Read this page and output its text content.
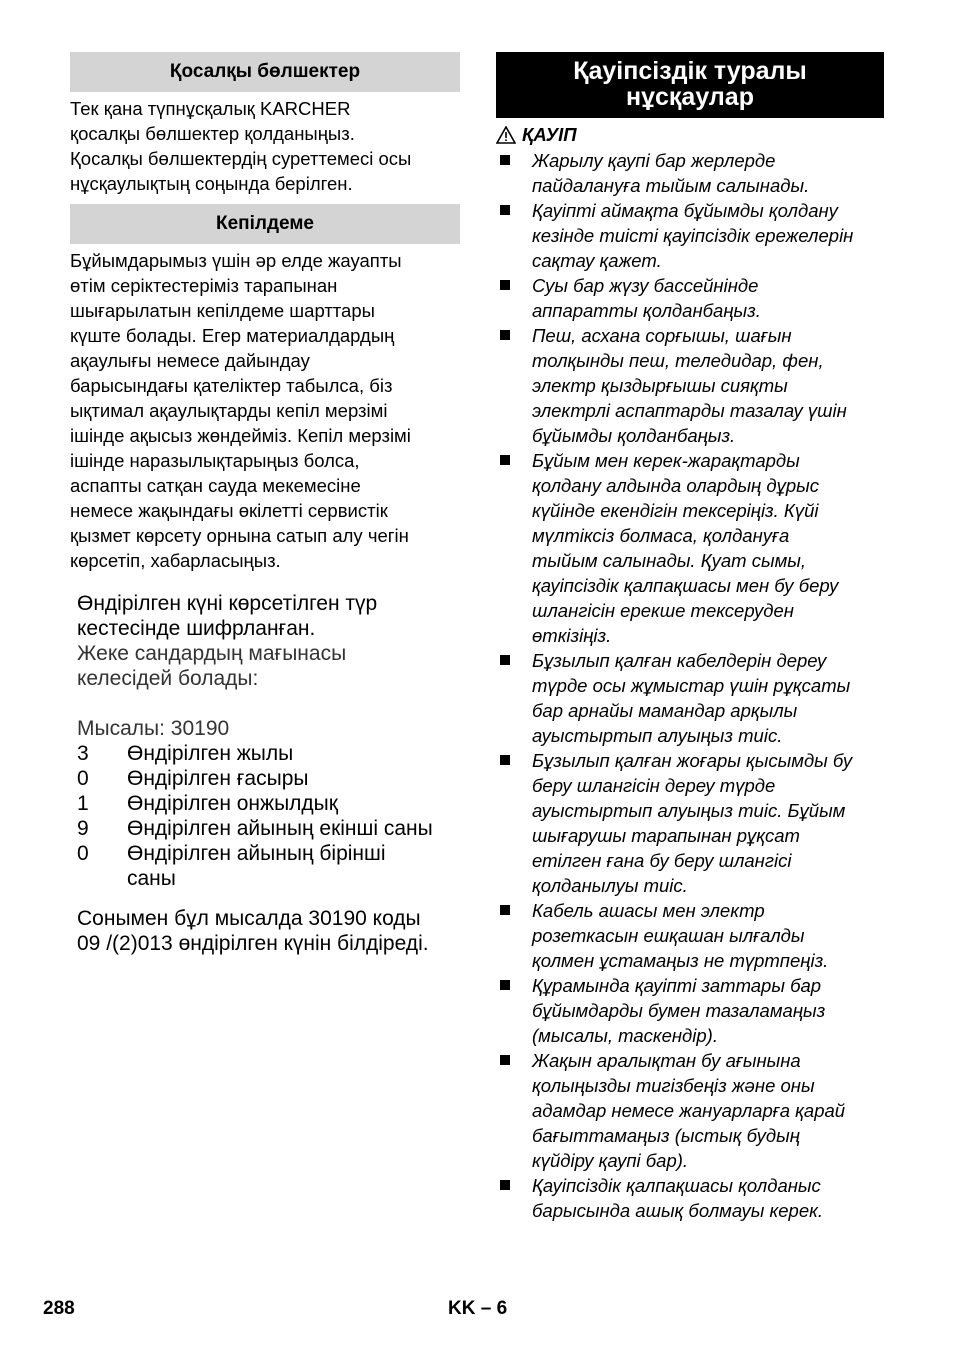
Қосалқы бөлшектер
Тек қана түпнұсқалық KARCHER
қосалқы бөлшектер қолданыңыз.
Қосалқы бөлшектердің суреттемесі осы
нұсқаулықтың соңында берілген.
Кепілдеме
Бұйымдарымыз үшін әр елде жауапты
өтім серіктестеріміз тарапынан
шығарылатын кепілдеме шарттары
күште болады. Егер материалдардың
ақаулығы немесе дайындау
барысындағы қателіктер табылса, біз
ықтимал ақаулықтарды кепіл мерзімі
ішінде ақысыз жөндейміз. Кепіл мерзімі
ішінде наразылықтарыңыз болса,
аспапты сатқан сауда мекемесіне
немесе жақындағы өкілетті сервистік
қызмет көрсету орнына сатып алу чегін
көрсетіп, хабарласыңыз.
Өндірілген күні көрсетілген түр
кестесінде шифрланған.
Жеке сандардың мағынасы
келесідей болады:
Мысалы: 30190
3	Өндірілген жылы
0	Өндірілген ғасыры
1	Өндірілген онжылдық
9	Өндірілген айының екінші саны
0	Өндірілген айының бірінші
саны
Сонымен бұл мысалда 30190 коды
09 /(2)013 өндірілген күнін білдіреді.
Қауіпсіздік туралы
нұсқаулар
ҚАУІП
Жарылу қаупі бар жерлерде
пайдалануға тыйым салынады.
Қауіпті аймақта бұйымды қолдану
кезінде тиісті қауіпсіздік ережелерін
сақтау қажет.
Суы бар жүзу бассейнінде
аппаратты қолданбаңыз.
Пеш, асхана сорғышы, шағын
толқынды пеш, теледидар, фен,
электр қыздырғышы сияқты
электрлі аспаптарды тазалау үшін
бұйымды қолданбаңыз.
Бұйым мен керек-жарақтарды
қолдану алдында олардың дұрыс
күйінде екендігін тексеріңіз. Күйі
мүлтіксіз болмаса, қолдануға
тыйым салынады. Қуат сымы,
қауіпсіздік қалпақшасы мен бу беру
шлангісін ерекше тексеруден
өткізіңіз.
Бұзылып қалған кабелдерін дереу
түрде осы жұмыстар үшін рұқсаты
бар арнайы мамандар арқылы
ауыстыртып алуыңыз тиіс.
Бұзылып қалған жоғары қысымды бу
беру шлангісін дереу түрде
ауыстыртып алуыңыз тиіс. Бұйым
шығарушы тарапынан рұқсат
етілген ғана бу беру шлангісі
қолданылуы тиіс.
Кабель ашасы мен электр
розеткасын ешқашан ылғалды
қолмен ұстамаңыз не түртпеңіз.
Құрамында қауіпті заттары бар
бұйымдарды бумен тазаламаңыз
(мысалы, таскендір).
Жақын аралықтан бу ағынына
қолыңызды тигізбеңіз және оны
адамдар немесе жануарларға қарай
бағыттамаңыз (ыстық будың
күйдіру қаупі бар).
Қауіпсіздік қалпақшасы қолданыс
барысында ашық болмауы керек.
288	KK – 6
